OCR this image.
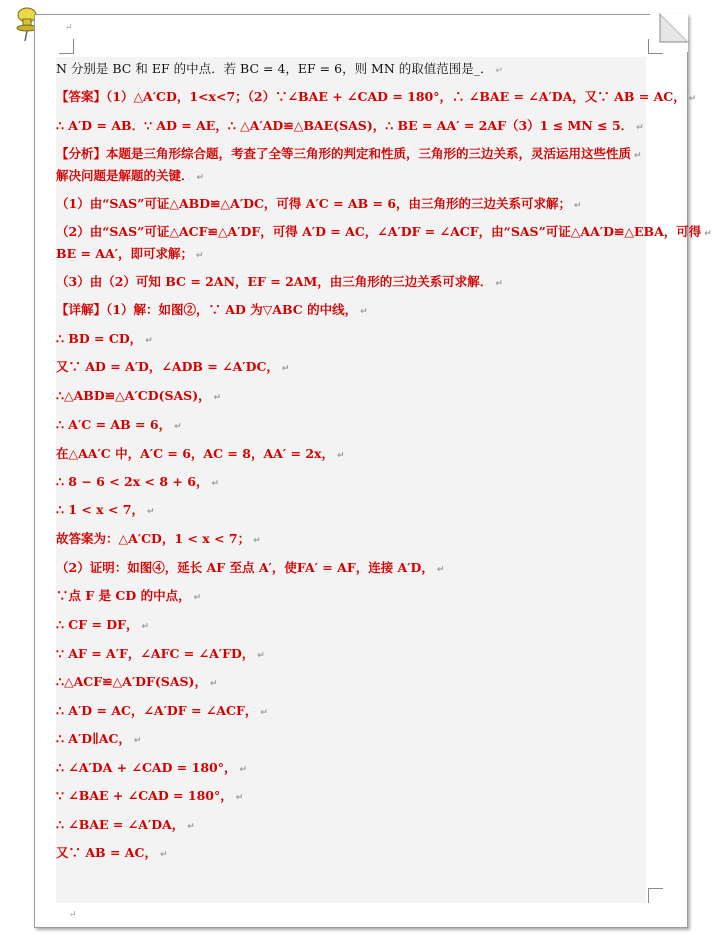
↵
N 分别是 BC 和 EF 的中点．若 BC = 4，EF = 6，则 MN 的取值范围是_． ↵
【答案】（1）△A′CD，1<x<7；（2）∵∠BAE + ∠CAD = 180°，∴ ∠BAE = ∠A′DA，又∵ AB = AC， ↵
∴ A′D = AB．∵ AD = AE，∴ △A′AD≌△BAE(SAS)，∴ BE = AA′ = 2AF（3）1 ≤ MN ≤ 5． ↵
【分析】本题是三角形综合题，考查了全等三角形的判定和性质，三角形的三边关系，灵活运用这些性质 ↵
解决问题是解题的关键． ↵
（1）由“SAS”可证△ABD≌△A′DC，可得 A′C = AB = 6，由三角形的三边关系可求解； ↵
（2）由“SAS”可证△ACF≌△A′DF，可得 A′D = AC，∠A′DF = ∠ACF，由“SAS”可证△AA′D≌△EBA，可得 ↵
BE = AA′，即可求解； ↵
（3）由（2）可知 BC = 2AN，EF = 2AM，由三角形的三边关系可求解． ↵
【详解】（1）解：如图②，∵ AD 为▽ABC 的中线， ↵
∴ BD = CD， ↵
又∵ AD = A′D，∠ADB = ∠A′DC， ↵
∴△ABD≌△A′CD(SAS)， ↵
∴ A′C = AB = 6， ↵
在△AA′C 中，A′C = 6，AC = 8，AA′ = 2x， ↵
∴ 8 − 6 < 2x < 8 + 6， ↵
∴ 1 < x < 7， ↵
故答案为：△A′CD，1 < x < 7； ↵
（2）证明：如图④，延长 AF 至点 A′，使FA′ = AF，连接 A′D， ↵
∵点 F 是 CD 的中点， ↵
∴ CF = DF， ↵
∵ AF = A′F，∠AFC = ∠A′FD， ↵
∴△ACF≌△A′DF(SAS)， ↵
∴ A′D = AC，∠A′DF = ∠ACF， ↵
∴ A′D∥AC， ↵
∴ ∠A′DA + ∠CAD = 180°， ↵
∵ ∠BAE + ∠CAD = 180°， ↵
∴ ∠BAE = ∠A′DA， ↵
又∵ AB = AC， ↵
↵
